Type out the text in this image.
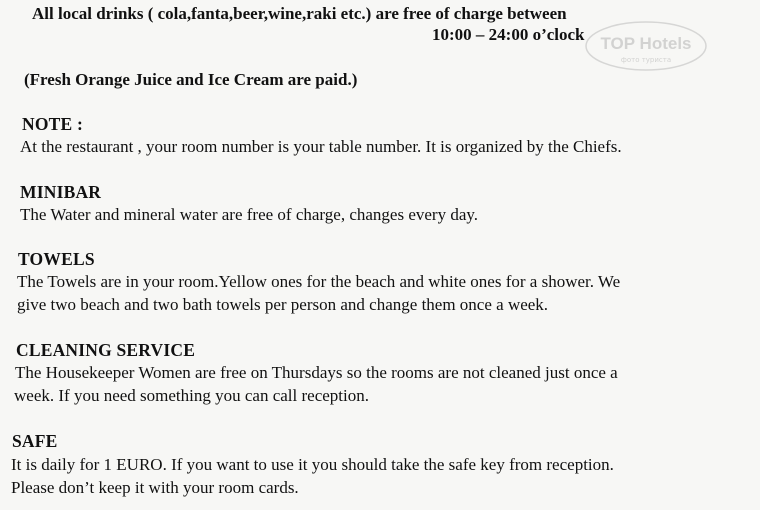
All local drinks ( cola,fanta,beer,wine,raki etc.) are free of charge between
10:00 – 24:00 o’clock TOP Hotels
фото туриста
(Fresh Orange Juice and Ice Cream are paid.)
NOTE :
At the restaurant , your room number is your table number. It is organized by the Chiefs.
MINIBAR
The Water and mineral water are free of charge, changes every day.
TOWELS
The Towels are in your room.Yellow ones for the beach and white ones for a shower. We
give two beach and two bath towels per person and change them once a week.
CLEANING SERVICE
The Housekeeper Women are free on Thursdays so the rooms are not cleaned just once a
week. If you need something you can call reception.
SAFE
It is daily for 1 EURO. If you want to use it you should take the safe key from reception.
Please don’t keep it with your room cards.
